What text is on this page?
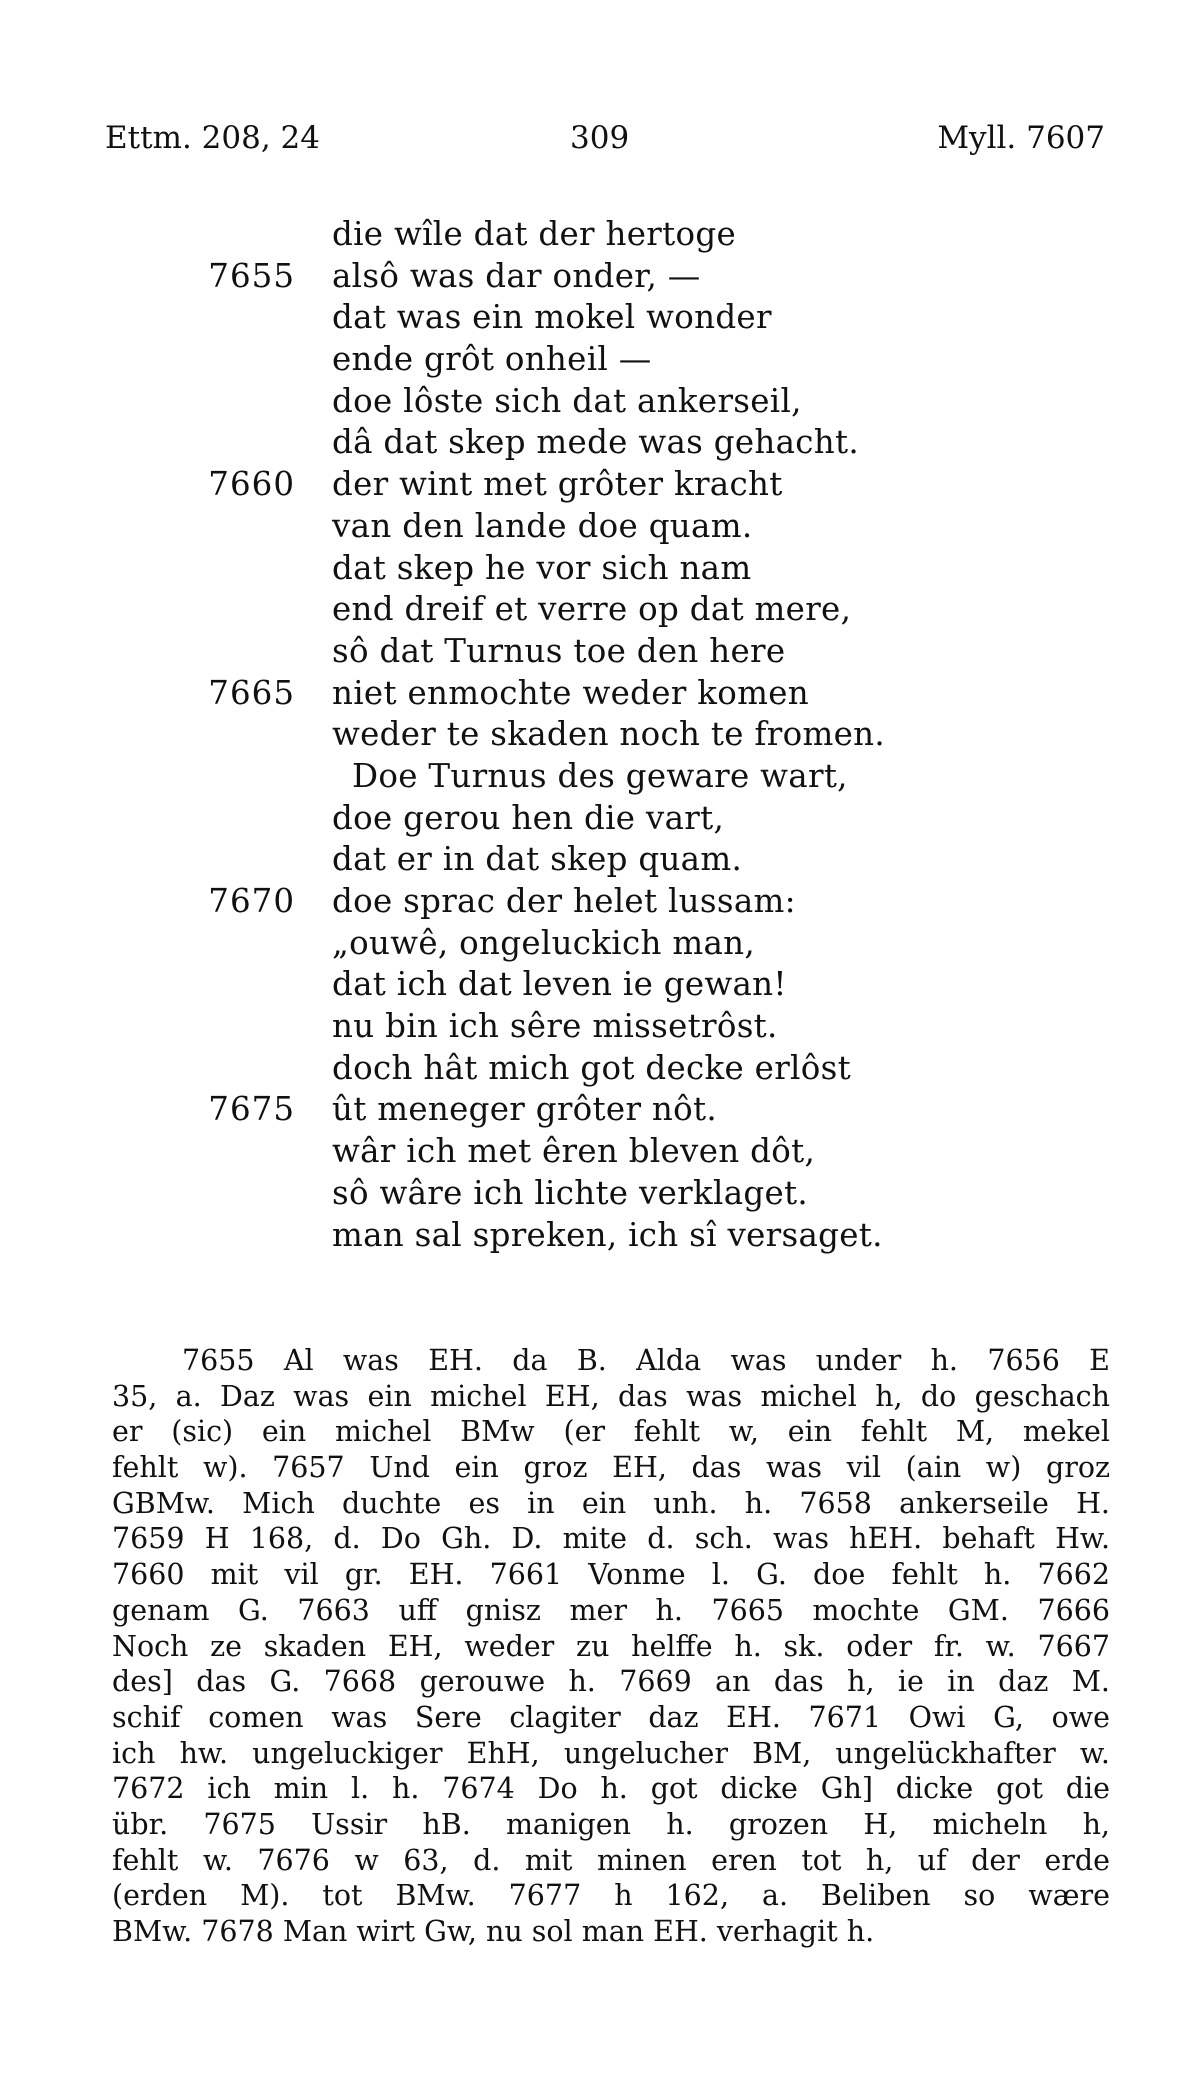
Ettm. 208, 24	309	Myll. 7607
die wîle dat der hertoge
7655 alsô was dar onder, —
dat was ein mokel wonder
ende grôt onheil —
doe lôste sich dat ankerseil,
dâ dat skep mede was gehacht.
7660 der wint met grôter kracht
van den lande doe quam.
dat skep he vor sich nam
end dreif et verre op dat mere,
sô dat Turnus toe den here
7665 niet enmochte weder komen
weder te skaden noch te fromen.
Doe Turnus des geware wart,
doe gerou hen die vart,
dat er in dat skep quam.
7670 doe sprac der helet lussam:
„ouwê, ongeluckich man,
dat ich dat leven ie gewan!
nu bin ich sêre missetrôst.
doch hât mich got decke erlôst
7675 ût meneger grôter nôt.
wâr ich met êren bleven dôt,
sô wâre ich lichte verklaget.
man sal spreken, ich sî versaget.
7655 Al was EH. da B. Alda was under h. 7656 E
35, a. Daz was ein michel EH, das was michel h, do geschach
er (sic) ein michel BMw (er fehlt w, ein fehlt M, mekel
fehlt w). 7657 Und ein groz EH, das was vil (ain w) groz
GBMw. Mich duchte es in ein unh. h. 7658 ankerseile H.
7659 H 168, d. Do Gh. D. mite d. sch. was hEH. behaft Hw.
7660 mit vil gr. EH. 7661 Vonme l. G. doe fehlt h. 7662
genam G. 7663 uff gnisz mer h. 7665 mochte GM. 7666
Noch ze skaden EH, weder zu helffe h. sk. oder fr. w. 7667
des] das G. 7668 gerouwe h. 7669 an das h, ie in daz M.
schif comen was Sere clagiter daz EH. 7671 Owi G, owe
ich hw. ungeluckiger EhH, ungelucher BM, ungelückhafter w.
7672 ich min l. h. 7674 Do h. got dicke Gh] dicke got die
übr. 7675 Ussir hB. manigen h. grozen H, micheln h,
fehlt w. 7676 w 63, d. mit minen eren tot h, uf der erde
(erden M). tot BMw. 7677 h 162, a. Beliben so wære
BMw. 7678 Man wirt Gw, nu sol man EH. verhagit h.
